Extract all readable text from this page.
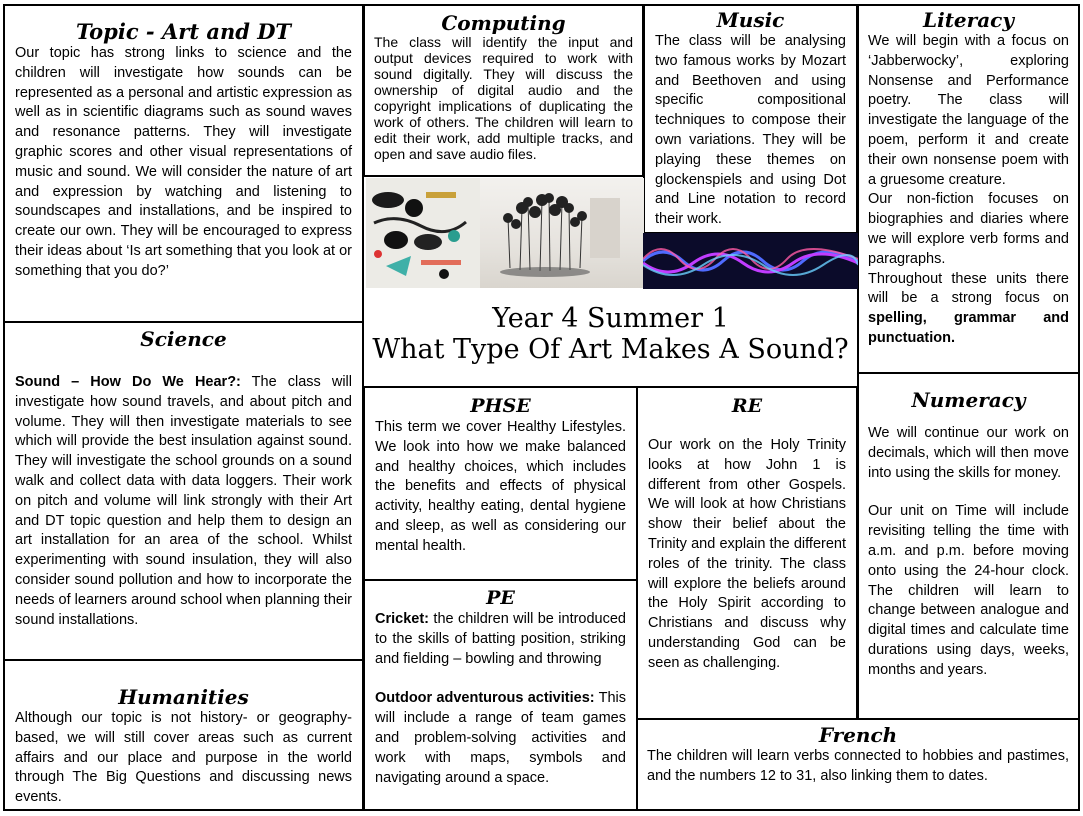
Topic - Art and DT

Our topic has strong links to science and the children will investigate how sounds can be represented as a personal and artistic expression as well as in scientific diagrams such as sound waves and resonance patterns. They will investigate graphic scores and other visual representations of music and sound. We will consider the nature of art and expression by watching and listening to soundscapes and installations, and be inspired to create our own. They will be encouraged to express their ideas about ‘Is art something that you look at or something that you do?’

Science

Sound – How Do We Hear?: The class will investigate how sound travels, and about pitch and volume. They will then investigate materials to see which will provide the best insulation against sound. They will investigate the school grounds on a sound walk and collect data with data loggers. Their work on pitch and volume will link strongly with their Art and DT topic question and help them to design an art installation for an area of the school. Whilst experimenting with sound insulation, they will also consider sound pollution and how to incorporate the needs of learners around school when planning their sound installations.

Humanities

Although our topic is not history- or geography-based, we will still cover areas such as current affairs and our place and purpose in the world through The Big Questions and discussing news events.

Computing

The class will identify the input and output devices required to work with sound digitally. They will discuss the ownership of digital audio and the copyright implications of duplicating the work of others. The children will learn to edit their work, add multiple tracks, and open and save audio files.

Music

The class will be analysing two famous works by Mozart and Beethoven and using specific compositional techniques to compose their own variations. They will be playing these themes on glockenspiels and using Dot and Line notation to record their work.

Literacy

We will begin with a focus on ‘Jabberwocky’, exploring Nonsense and Performance poetry. The class will investigate the language of the poem, perform it and create their own nonsense poem with a gruesome creature.

Our non-fiction focuses on biographies and diaries where we will explore verb forms and paragraphs.

Throughout these units there will be a strong focus on spelling, grammar and punctuation.

Year 4 Summer 1
What Type Of Art Makes A Sound?
PHSE

This term we cover Healthy Lifestyles. We look into how we make balanced and healthy choices, which includes the benefits and effects of physical activity, healthy eating, dental hygiene and sleep, as well as considering our mental health.

PE

Cricket: the children will be introduced to the skills of batting position, striking and fielding – bowling and throwing

Outdoor adventurous activities: This will include a range of team games and problem-solving activities and work with maps, symbols and navigating around a space.

RE

Our work on the Holy Trinity looks at how John 1 is different from other Gospels. We will look at how Christians show their belief about the Trinity and explain the different roles of the trinity. The class will explore the beliefs around the Holy Spirit according to Christians and discuss why understanding God can be seen as challenging.

Numeracy

We will continue our work on decimals, which will then move into using the skills for money.

Our unit on Time will include revisiting telling the time with a.m. and p.m. before moving onto using the 24-hour clock. The children will learn to change between analogue and digital times and calculate time durations using days, weeks, months and years.

French

The children will learn verbs connected to hobbies and pastimes, and the numbers 12 to 31, also linking them to dates.
